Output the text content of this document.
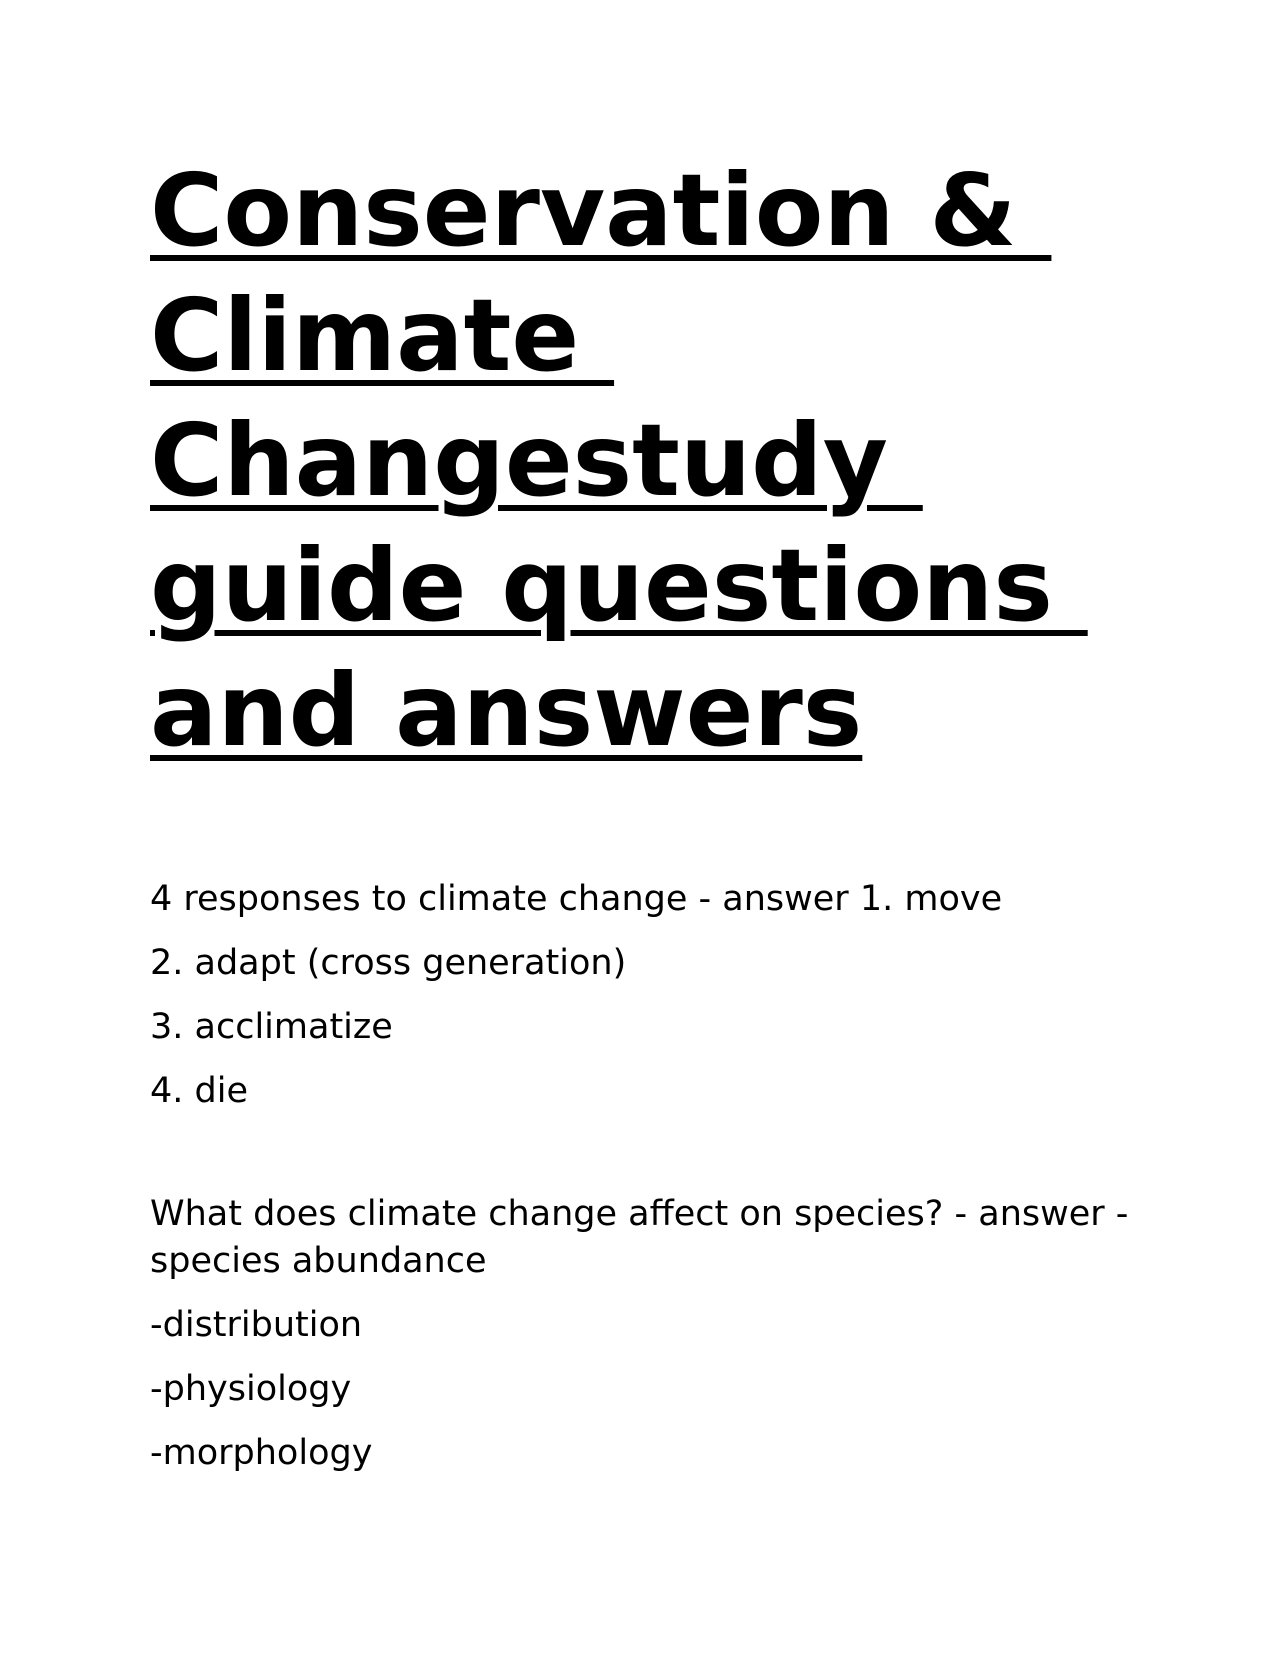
Conservation &
Climate
Changestudy
guide questions
and answers

4 responses to climate change - answer 1. move

2. adapt (cross generation)

3. acclimatize

4. die

What does climate change affect on species? - answer -species abundance

-distribution

-physiology

-morphology
